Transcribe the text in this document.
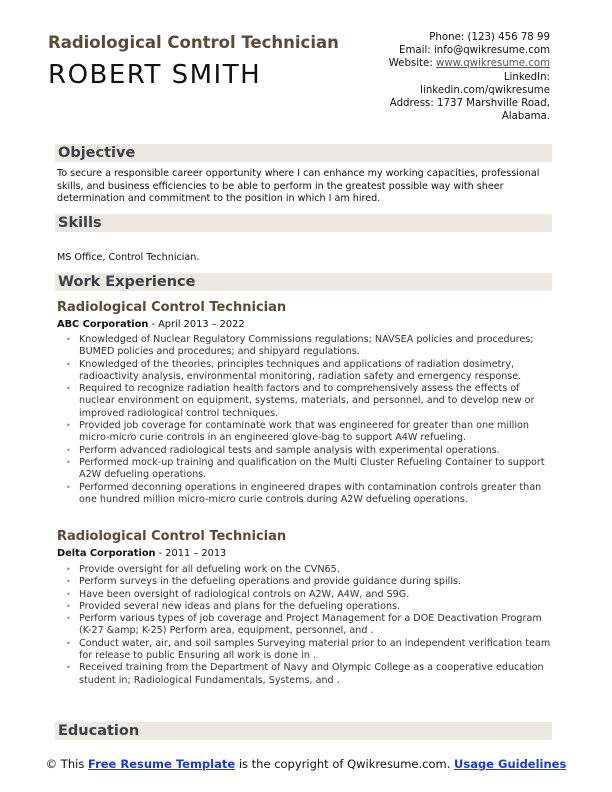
Radiological Control Technician
ROBERT SMITH
Phone: (123) 456 78 99
Email: info@qwikresume.com
Website: www.qwikresume.com
LinkedIn:
linkedin.com/qwikresume
Address: 1737 Marshville Road,
Alabama.
Objective
To secure a responsible career opportunity where I can enhance my working capacities, professional skills, and business efficiencies to be able to perform in the greatest possible way with sheer determination and commitment to the position in which I am hired.
Skills
MS Office, Control Technician.
Work Experience
Radiological Control Technician
ABC Corporation - April 2013 – 2022
• Knowledged of Nuclear Regulatory Commissions regulations; NAVSEA policies and procedures; BUMED policies and procedures; and shipyard regulations.
• Knowledged of the theories, principles techniques and applications of radiation dosimetry, radioactivity analysis, environmental monitoring, radiation safety and emergency response.
• Required to recognize radiation health factors and to comprehensively assess the effects of nuclear environment on equipment, systems, materials, and personnel, and to develop new or improved radiological control techniques.
• Provided job coverage for contaminate work that was engineered for greater than one million micro-micro curie controls in an engineered glove-bag to support A4W refueling.
• Perform advanced radiological tests and sample analysis with experimental operations.
• Performed mock-up training and qualification on the Multi Cluster Refueling Container to support A2W defueling operations.
• Performed deconning operations in engineered drapes with contamination controls greater than one hundred million micro-micro curie controls during A2W defueling operations.
Radiological Control Technician
Delta Corporation - 2011 – 2013
• Provide oversight for all defueling work on the CVN65.
• Perform surveys in the defueling operations and provide guidance during spills.
• Have been oversight of radiological controls on A2W, A4W, and S9G.
• Provided several new ideas and plans for the defueling operations.
• Perform various types of job coverage and Project Management for a DOE Deactivation Program (K-27 &amp; K-25) Perform area, equipment, personnel, and .
• Conduct water, air, and soil samples Surveying material prior to an independent verification team for release to public Ensuring all work is done in .
• Received training from the Department of Navy and Olympic College as a cooperative education student in; Radiological Fundamentals, Systems, and .
Education
© This Free Resume Template is the copyright of Qwikresume.com. Usage Guidelines
